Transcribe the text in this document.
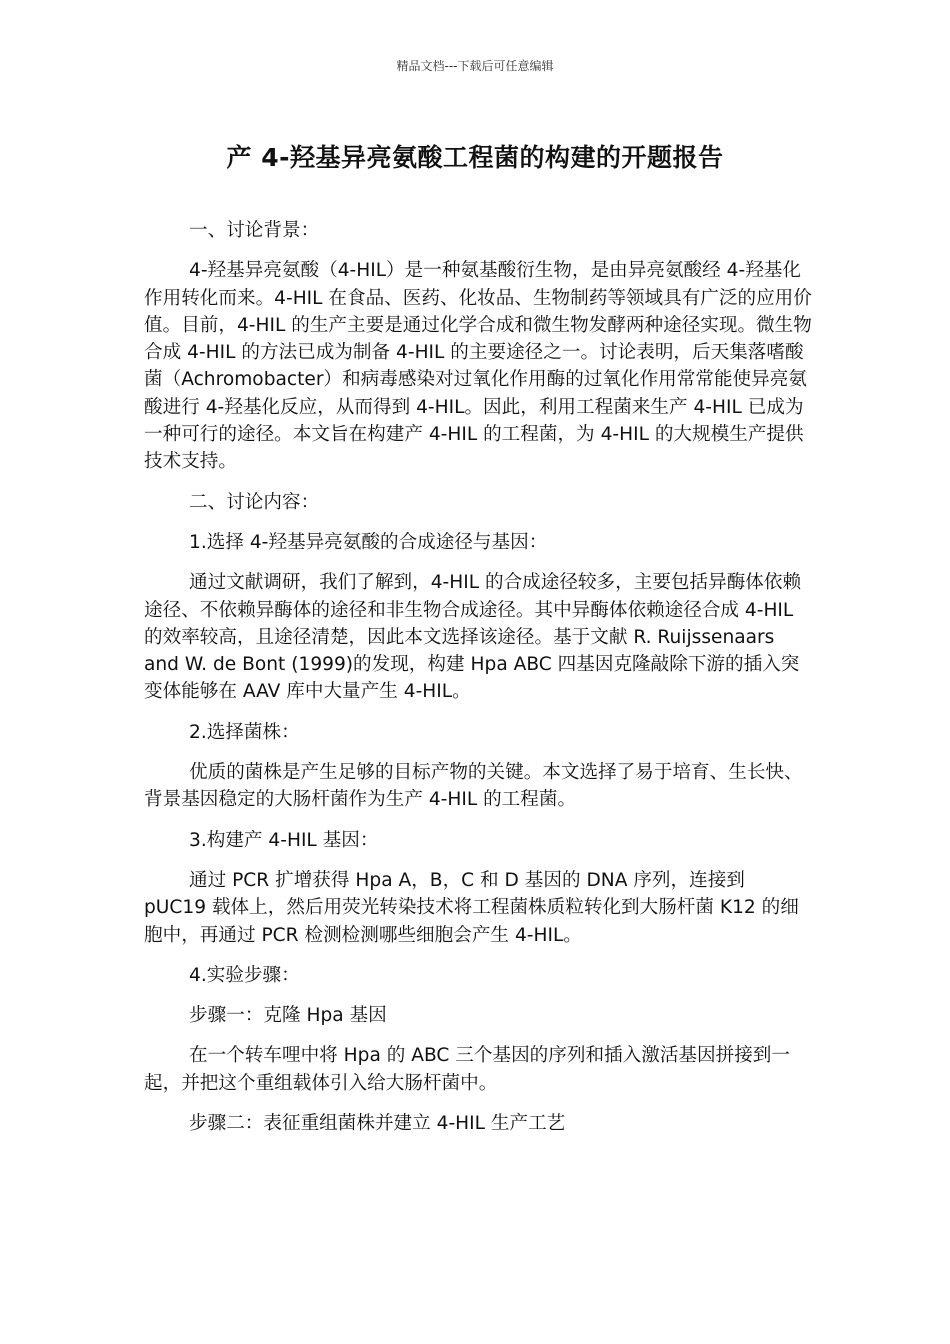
精品文档---下载后可任意编辑
产 4-羟基异亮氨酸工程菌的构建的开题报告

一、讨论背景：

4-羟基异亮氨酸（4-HIL）是一种氨基酸衍生物，是由异亮氨酸经 4-羟基化作用转化而来。4-HIL 在食品、医药、化妆品、生物制药等领域具有广泛的应用价值。目前，4-HIL 的生产主要是通过化学合成和微生物发酵两种途径实现。微生物合成 4-HIL 的方法已成为制备 4-HIL 的主要途径之一。讨论表明，后天集落嗜酸菌（Achromobacter）和病毒感染对过氧化作用酶的过氧化作用常常能使异亮氨酸进行 4-羟基化反应，从而得到 4-HIL。因此，利用工程菌来生产 4-HIL 已成为一种可行的途径。本文旨在构建产 4-HIL 的工程菌，为 4-HIL 的大规模生产提供技术支持。

二、讨论内容：

1.选择 4-羟基异亮氨酸的合成途径与基因：

通过文献调研，我们了解到，4-HIL 的合成途径较多，主要包括异酶体依赖途径、不依赖异酶体的途径和非生物合成途径。其中异酶体依赖途径合成 4-HIL 的效率较高，且途径清楚，因此本文选择该途径。基于文献 R. Ruijssenaars and W. de Bont (1999)的发现，构建 Hpa ABC 四基因克隆敲除下游的插入突变体能够在 AAV 库中大量产生 4-HIL。

2.选择菌株：

优质的菌株是产生足够的目标产物的关键。本文选择了易于培育、生长快、背景基因稳定的大肠杆菌作为生产 4-HIL 的工程菌。

3.构建产 4-HIL 基因：

通过 PCR 扩增获得 Hpa A，B，C 和 D 基因的 DNA 序列，连接到 pUC19 载体上，然后用荧光转染技术将工程菌株质粒转化到大肠杆菌 K12 的细胞中，再通过 PCR 检测检测哪些细胞会产生 4-HIL。

4.实验步骤：

步骤一：克隆 Hpa 基因

在一个转车哩中将 Hpa 的 ABC 三个基因的序列和插入激活基因拼接到一起，并把这个重组载体引入给大肠杆菌中。

步骤二：表征重组菌株并建立 4-HIL 生产工艺
